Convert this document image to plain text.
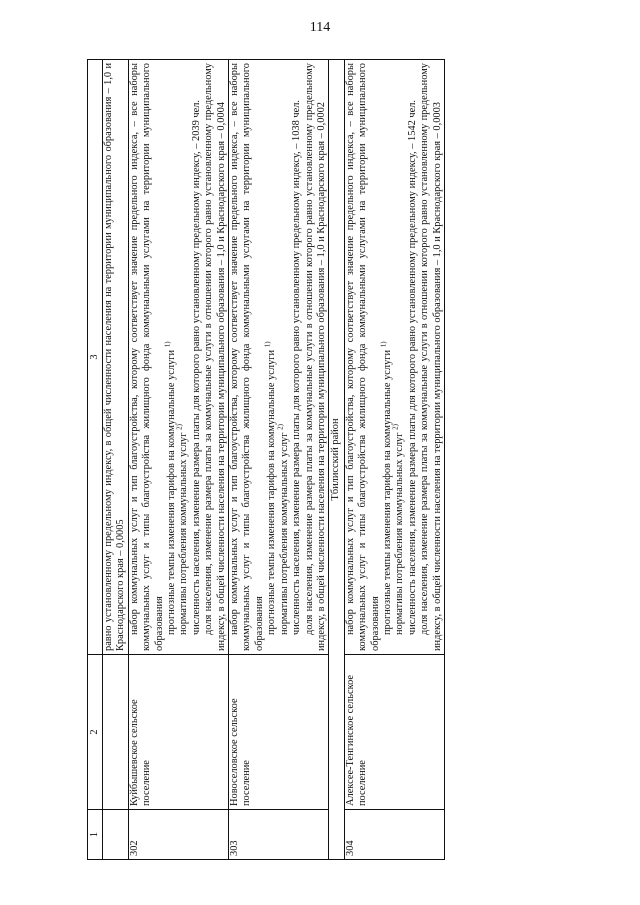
114
1	2	3

		равно установленному предельному индексу, в общей численности населения на территории муниципального образования – 1,0 и Краснодарского края – 0,0005

302	Куйбышевское сельское поселение	набор коммунальных услуг и тип благоустройства, которому соответствует значение предельного индекса, – все наборы коммунальных услуг и типы благоустройства жилищного фонда коммунальными услугами на территории муниципального образования прогнозные темпы изменения тарифов на коммунальные услуги $^{1)}$

нормативы потребления коммунальных услуг $^{2)}$ численность населения, изменение размера платы для которого равно установленному предельному индексу, – 2039 чел. доля населения, изменение размера платы за коммунальные услуги в отношении которого равно установленному предельному индексу, в общей численности населения на территории муниципального образования – 1,0 и Краснодарского края – 0,0004

303	Новоселовское сельское поселение	набор коммунальных услуг и тип благоустройства, которому соответствует значение предельного индекса, – все наборы коммунальных услуг и типы благоустройства жилищного фонда коммунальными услугами на территории муниципального образования прогнозные темпы изменения тарифов на коммунальные услуги $^{1)}$

нормативы потребления коммунальных услуг $^{2)}$ численность населения, изменение размера платы для которого равно установленному предельному индексу, – 1038 чел. доля населения, изменение размера платы за коммунальные услуги в отношении которого равно установленному предельному индексу, в общей численности населения на территории муниципального образования – 1,0 и Краснодарского края – 0,0002

Тбилисский район		
304	Алексее-Тенгинское сельское поселение	набор коммунальных услуг и тип благоустройства, которому соответствует значение предельного индекса, – все наборы коммунальных услуг и типы благоустройства жилищного фонда коммунальными услугами на территории муниципального образования прогнозные темпы изменения тарифов на коммунальные услуги $^{1)}$

нормативы потребления коммунальных услуг $^{2)}$ численность населения, изменение размера платы для которого равно установленному предельному индексу, – 1542 чел. доля населения, изменение размера платы за коммунальные услуги в отношении которого равно установленному предельному индексу, в общей численности населения на территории муниципального образования – 1,0 и Краснодарского края – 0,0003
